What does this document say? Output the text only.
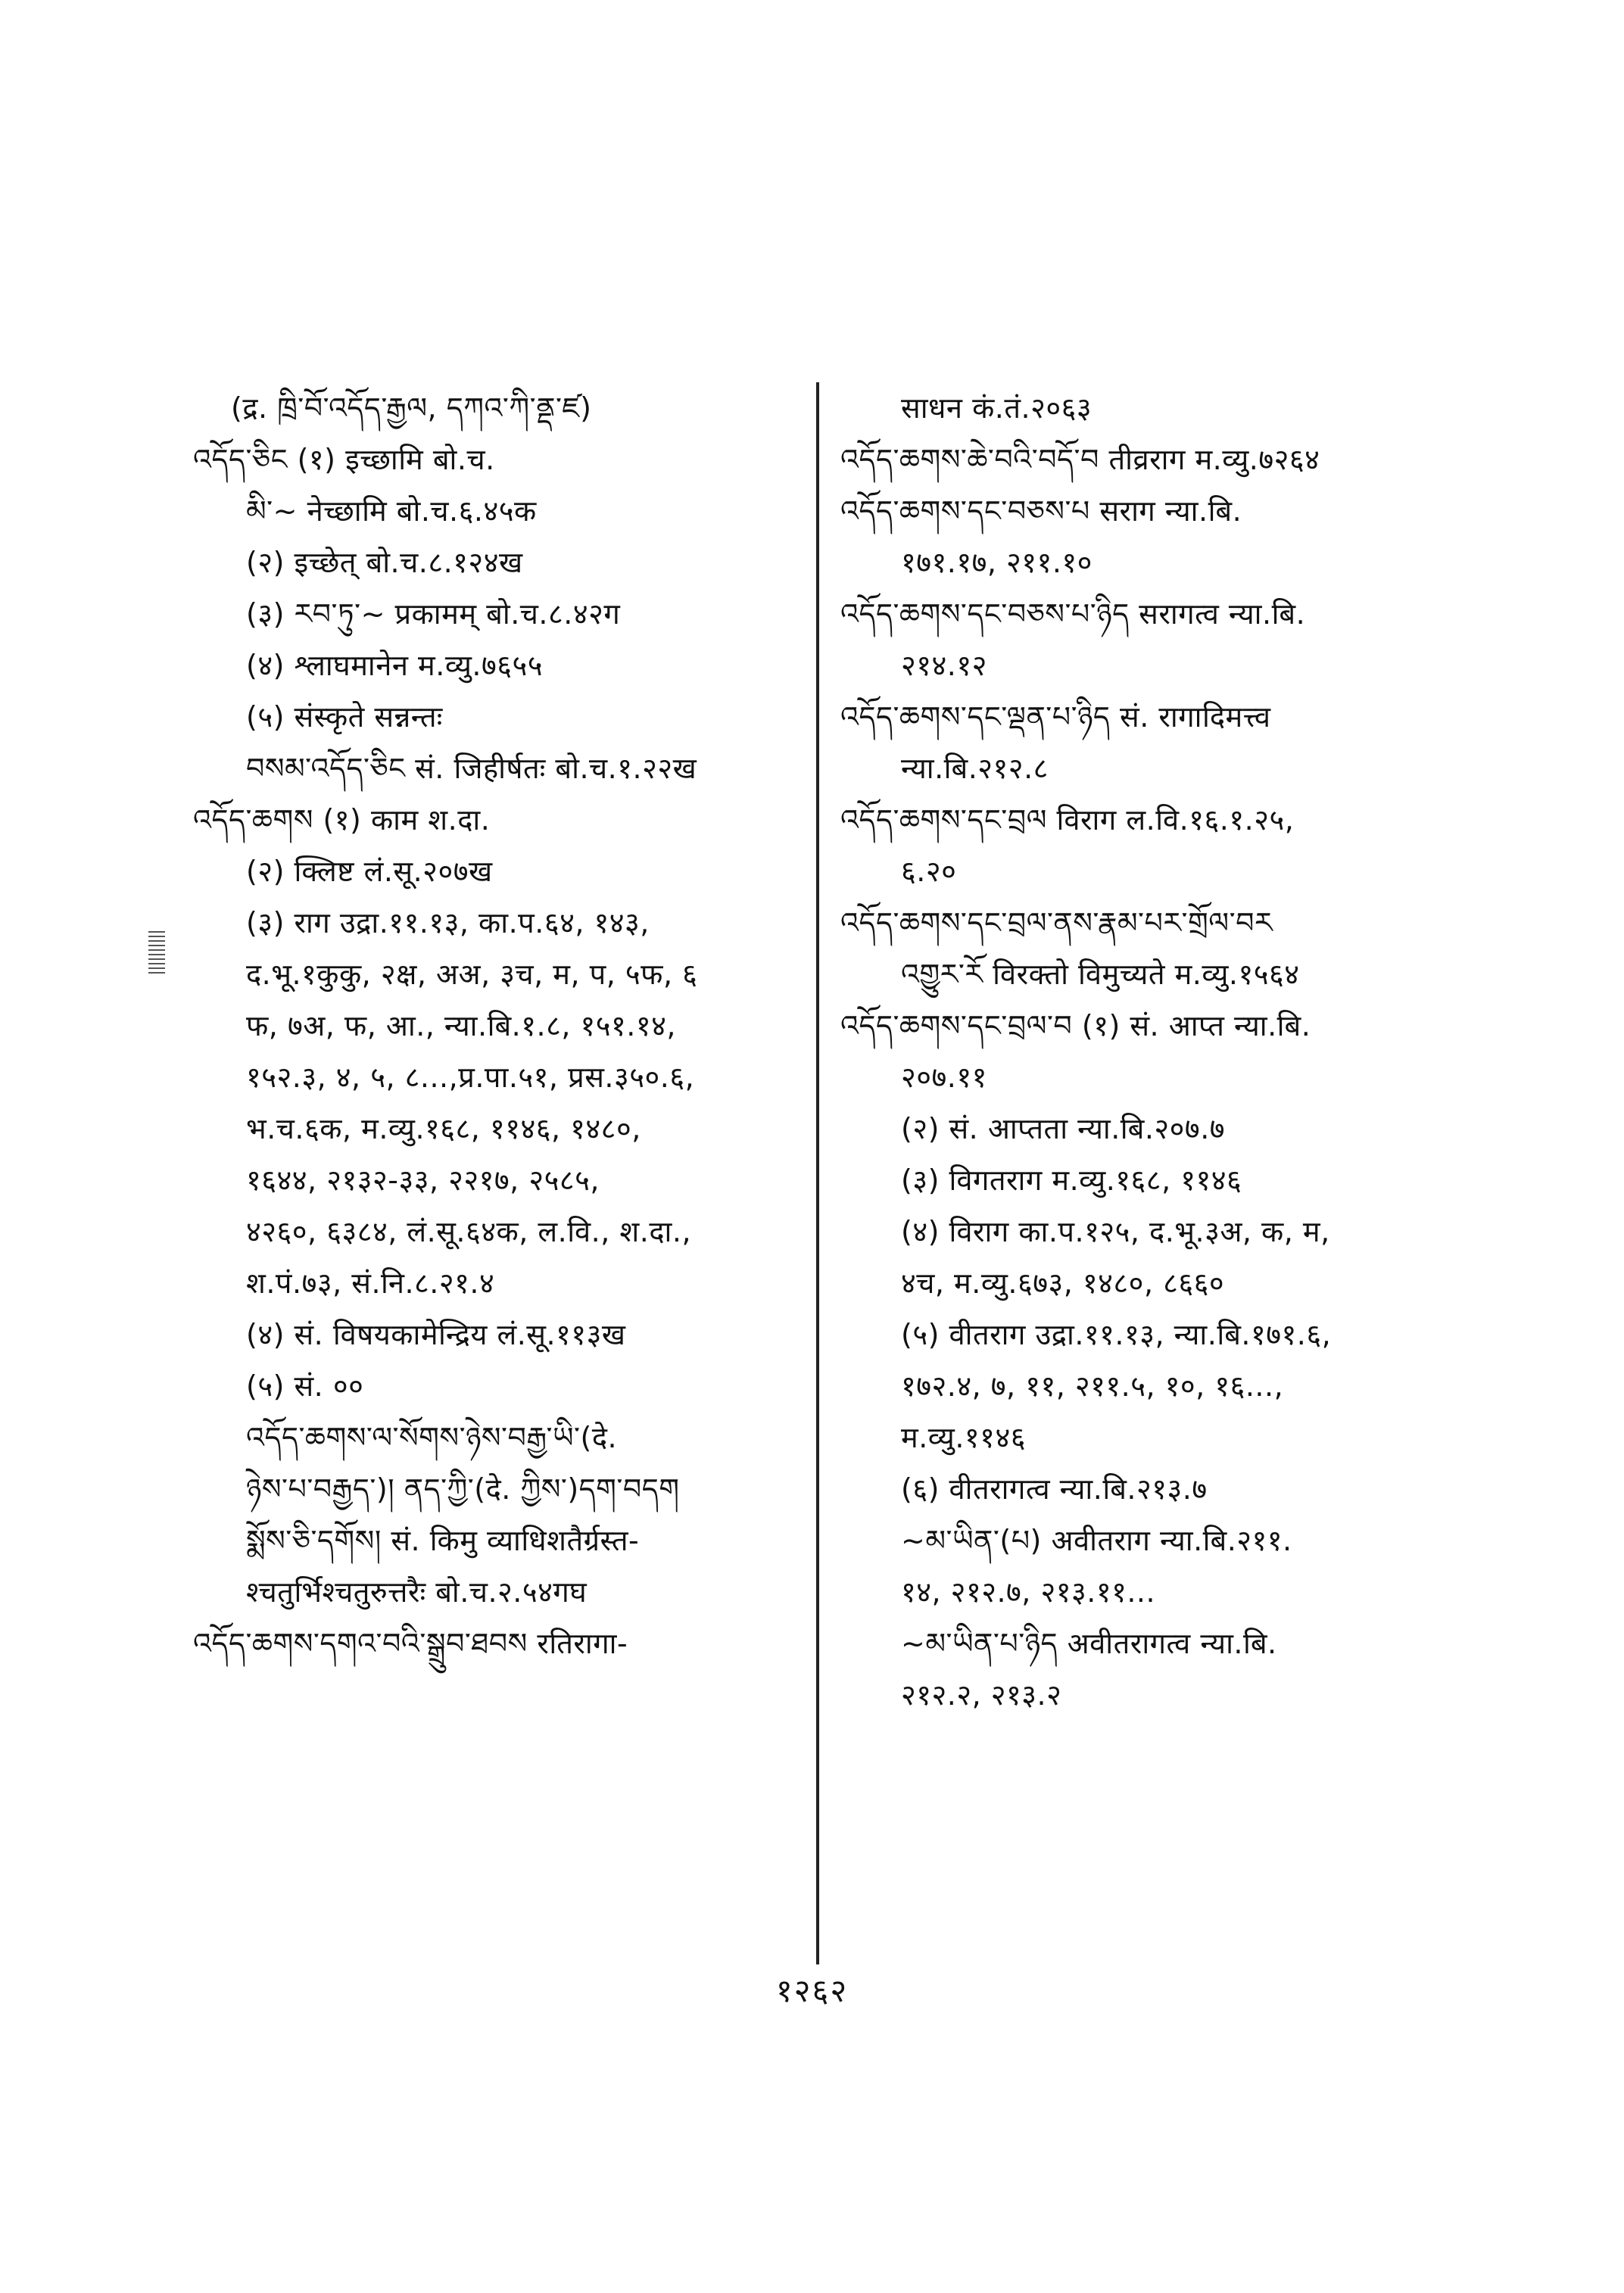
(द्र. ཁྲི་བོ་འདོད་རྒྱལ, དཀའ་ཀི་ནྡ་ཛ)
འདོད་ཅིང (१) इच्छामि बो.च.
མི་~ नेच्छामि बो.च.६.४५क
(२) इच्छेत् बो.च.८.१२४ख
(३) རབ་ཏུ་~ प्रकामम् बो.च.८.४२ग
(४) श्लाघमानेन म.व्यु.७६५५
(५) संस्कृते सन्नन्तः
བསམ་འདོད་ཅིང सं. जिहीर्षतः बो.च.१.२२ख
འདོད་ཆགས (१) काम श.दा.
(२) क्लिष्ट लं.सू.२०७ख
(३) राग उद्रा.११.१३, का.प.६४, १४३,
द.भू.१कुकु, २क्ष, अअ, ३च, म, प, ५फ, ६
फ, ७अ, फ, आ., न्या.बि.१.८, १५१.१४,
१५२.३, ४, ५, ८...,प्र.पा.५१, प्रस.३५०.६,
भ.च.६क, म.व्यु.१६८, ११४६, १४८०,
१६४४, २१३२-३३, २२१७, २५८५,
४२६०, ६३८४, लं.सू.६४क, ल.वि., श.दा.,
श.पं.७३, सं.नि.८.२१.४
(४) सं. विषयकामेन्द्रिय लं.सू.११३ख
(५) सं. ००
འདོད་ཆགས་ལ་སོགས་ཉེས་བརྒྱ་ཡི་(दे.
ཉེས་པ་བརྒྱད་)། ནད་ཀྱི་(दे. ཀྱིས་)དག་བདག
སྨོས་ཅི་དགོས། सं. किमु व्याधिशतैर्ग्रस्त-
श्चतुर्भिश्चतुरुत्तरैः बो.च.२.५४गघ
འདོད་ཆགས་དགའ་བའི་སྒྲུབ་ཐབས रतिरागा-
साधन कं.तं.२०६३
འདོད་ཆགས་ཆེ་བའི་བདོ་བ तीव्रराग म.व्यु.७२६४
འདོད་ཆགས་དང་བཅས་པ सराग न्या.बि.
१७१.१७, २११.१०
འདོད་ཆགས་དང་བཅས་པ་ཉིད सरागत्व न्या.बि.
२१४.१२
འདོད་ཆགས་དང་ལྡན་པ་ཉིད सं. रागादिमत्त्व
न्या.बि.२१२.८
འདོད་ཆགས་དང་བྲལ विराग ल.वि.१६.१.२५,
६.२०
འདོད་ཆགས་དང་བྲལ་ནས་རྣམ་པར་གྲོལ་བར
འགྱུར་རོ विरक्तो विमुच्यते म.व्यु.१५६४
འདོད་ཆགས་དང་བྲལ་བ (१) सं. आप्त न्या.बि.
२०७.११
(२) सं. आप्तता न्या.बि.२०७.७
(३) विगतराग म.व्यु.१६८, ११४६
(४) विराग का.प.१२५, द.भू.३अ, क, म,
४च, म.व्यु.६७३, १४८०, ८६६०
(५) वीतराग उद्रा.११.१३, न्या.बि.१७१.६,
१७२.४, ७, ११, २११.५, १०, १६...,
म.व्यु.११४६
(६) वीतरागत्व न्या.बि.२१३.७
~མ་ཡིན་(པ) अवीतराग न्या.बि.२११.
१४, २१२.७, २१३.११...
~མ་ཡིན་པ་ཉིད अवीतरागत्व न्या.बि.
२१२.२, २१३.२
१२६२
